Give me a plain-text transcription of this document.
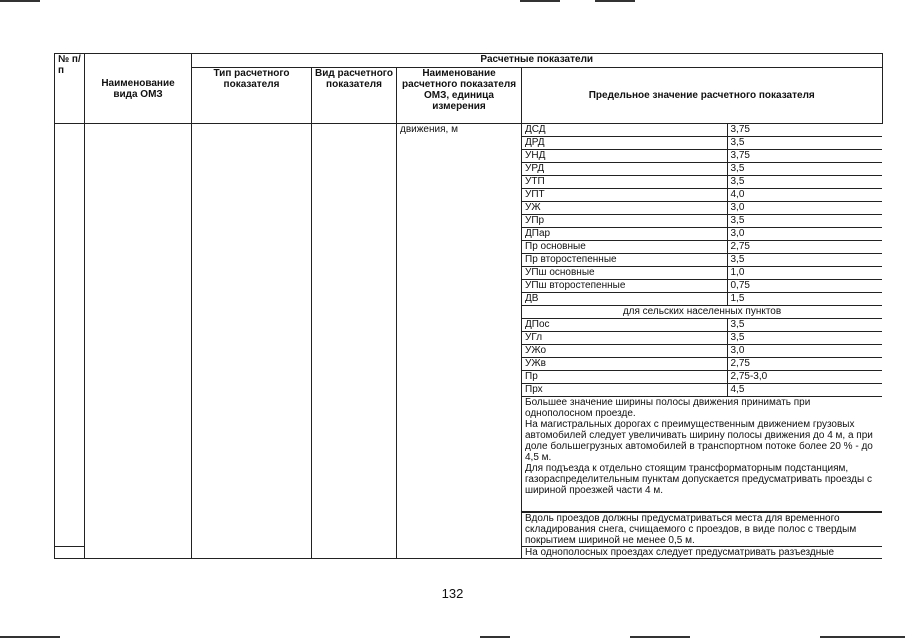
№ п/п	Наименование вида ОМЗ	Расчетные показатели
Тип расчетного показателя	Вид расчетного показателя	Наименование расчетного показателя ОМЗ, единица измерения	Предельное значение расчетного показателя
				движения, м		ДСД	3,75
ДРД	3,5
УНД	3,75
УРД	3,5
УТП	3,5
УПТ	4,0
УЖ	3,0
УПр	3,5
ДПар	3,0
Пр основные	2,75
Пр второстепенные	3,5
УПш основные	1,0
УПш второстепенные	0,75
ДВ	1,5
для сельских населенных пунктов
ДПос	3,5
УГл	3,5
УЖо	3,0
УЖв	2,75
Пр	2,75-3,0
Прх	4,5

Большее значение ширины полосы движения принимать при однополосном проезде.
На магистральных дорогах с преимущественным движением грузовых автомобилей следует увеличивать ширину полосы движения до 4 м, а при доле большегрузных автомобилей в транспортном потоке более 20 % - до 4,5 м.
Для подъезда к отдельно стоящим трансформаторным подстанциям, газораспределительным пунктам допускается предусматривать проезды с шириной проезжей части 4 м.

Вдоль проездов должны предусматриваться места для временного складирования снега, счищаемого с проездов, в виде полос с твердым покрытием шириной не менее 0,5 м.

На однополосных проездах следует предусматривать разъездные
132
